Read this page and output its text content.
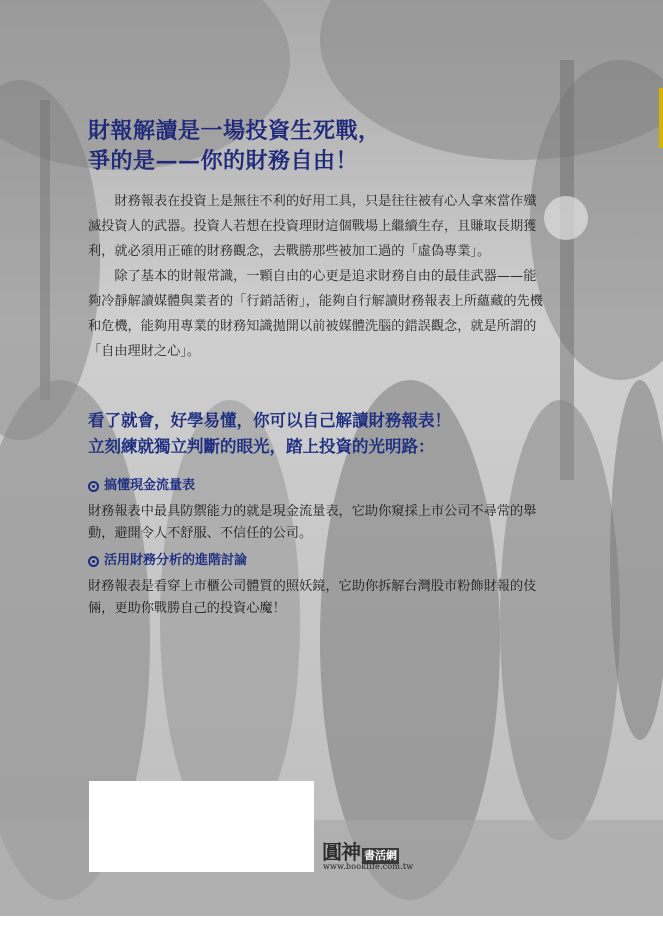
財報解讀是一場投資生死戰，
爭的是——你的財務自由！

財務報表在投資上是無往不利的好用工具，只是往往被有心人拿來當作殲滅投資人的武器。投資人若想在投資理財這個戰場上繼續生存，且賺取長期獲利，就必須用正確的財務觀念，去戰勝那些被加工過的「虛偽專業」。

除了基本的財報常識，一顆自由的心更是追求財務自由的最佳武器——能夠冷靜解讀媒體與業者的「行銷話術」，能夠自行解讀財務報表上所蘊藏的先機和危機，能夠用專業的財務知識拋開以前被媒體洗腦的錯誤觀念，就是所謂的「自由理財之心」。

看了就會，好學易懂，你可以自己解讀財務報表！
立刻練就獨立判斷的眼光，踏上投資的光明路：
搞懂現金流量表
財務報表中最具防禦能力的就是現金流量表，它助你窺採上市公司不尋常的舉動，避開令人不舒服、不信任的公司。
活用財務分析的進階討論
財務報表是看穿上市櫃公司體質的照妖鏡，它助你拆解台灣股市粉飾財報的伎倆，更助你戰勝自己的投資心魔！
圓神 書活網
www.booklife.com.tw
